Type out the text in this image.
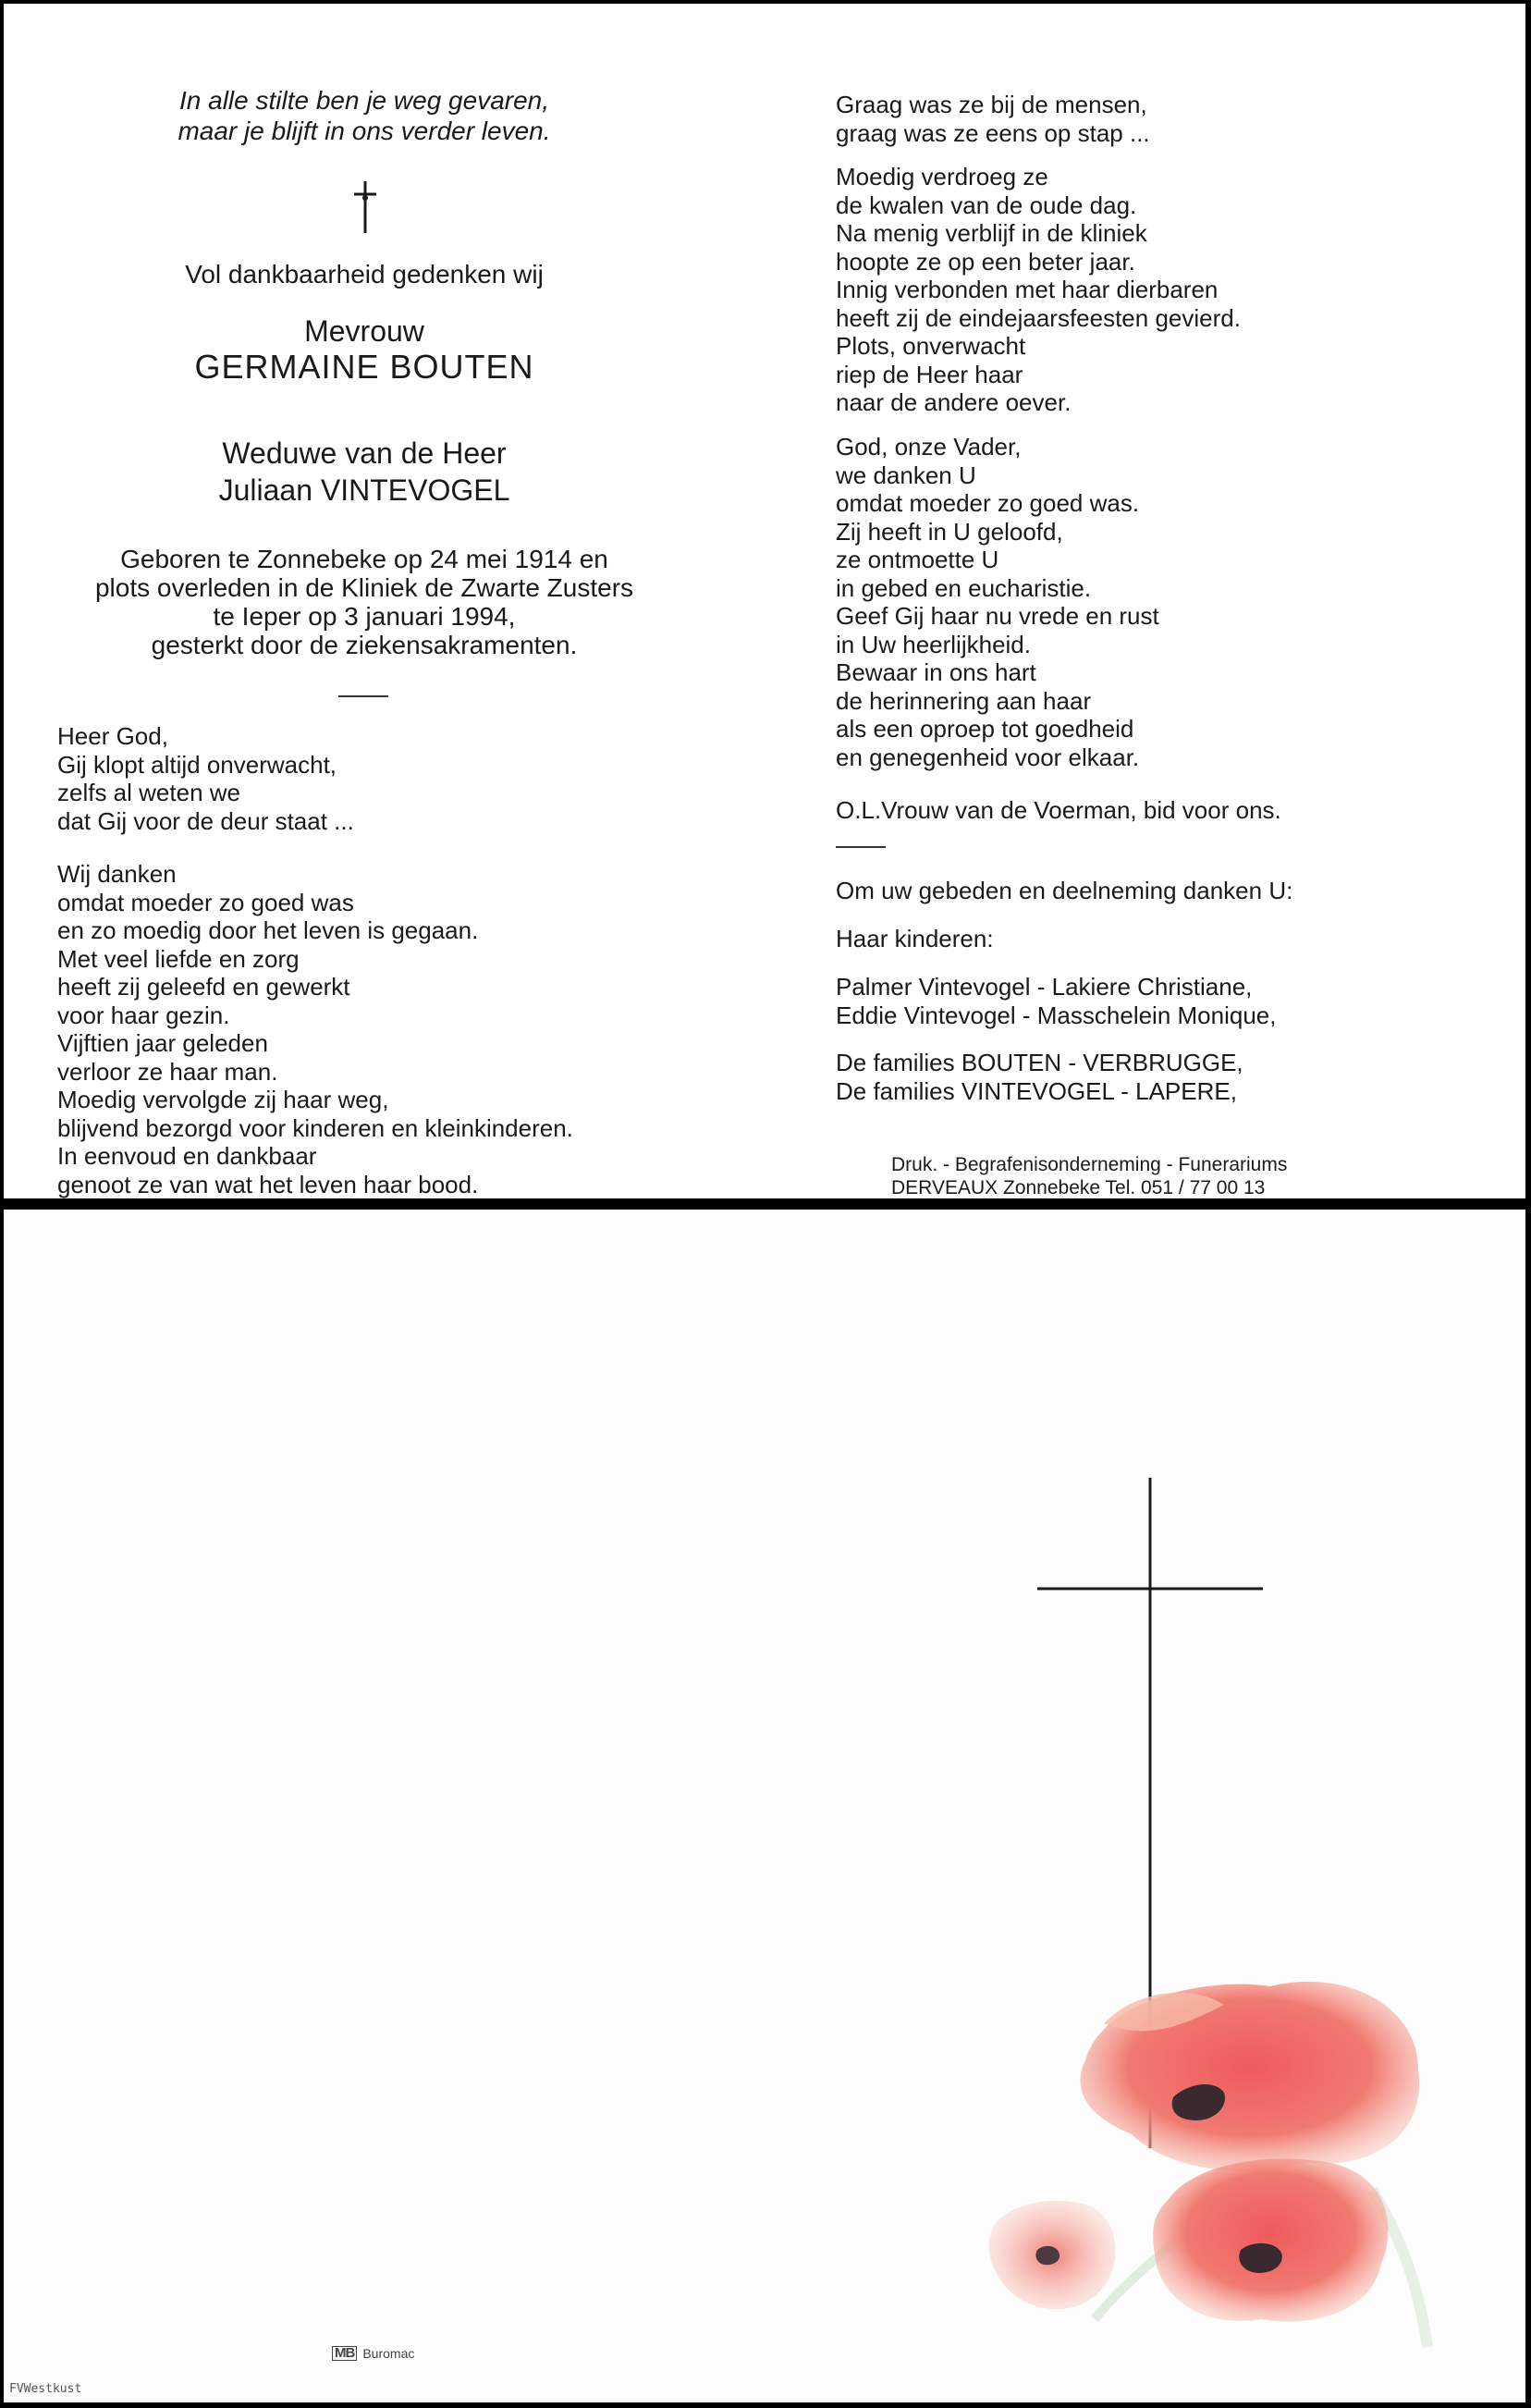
In alle stilte ben je weg gevaren,
maar je blijft in ons verder leven.
Vol dankbaarheid gedenken wij
Mevrouw
GERMAINE BOUTEN
Weduwe van de Heer
Juliaan VINTEVOGEL
Geboren te Zonnebeke op 24 mei 1914 en
plots overleden in de Kliniek de Zwarte Zusters
te Ieper op 3 januari 1994,
gesterkt door de ziekensakramenten.
Heer God,
Gij klopt altijd onverwacht,
zelfs al weten we
dat Gij voor de deur staat ...
Wij danken
omdat moeder zo goed was
en zo moedig door het leven is gegaan.
Met veel liefde en zorg
heeft zij geleefd en gewerkt
voor haar gezin.
Vijftien jaar geleden
verloor ze haar man.
Moedig vervolgde zij haar weg,
blijvend bezorgd voor kinderen en kleinkinderen.
In eenvoud en dankbaar
genoot ze van wat het leven haar bood.
Graag was ze bij de mensen,
graag was ze eens op stap ...
Moedig verdroeg ze
de kwalen van de oude dag.
Na menig verblijf in de kliniek
hoopte ze op een beter jaar.
Innig verbonden met haar dierbaren
heeft zij de eindejaarsfeesten gevierd.
Plots, onverwacht
riep de Heer haar
naar de andere oever.
God, onze Vader,
we danken U
omdat moeder zo goed was.
Zij heeft in U geloofd,
ze ontmoette U
in gebed en eucharistie.
Geef Gij haar nu vrede en rust
in Uw heerlijkheid.
Bewaar in ons hart
de herinnering aan haar
als een oproep tot goedheid
en genegenheid voor elkaar.
O.L.Vrouw van de Voerman, bid voor ons.
Om uw gebeden en deelneming danken U:
Haar kinderen:
Palmer Vintevogel - Lakiere Christiane,
Eddie Vintevogel - Masschelein Monique,
De families BOUTEN - VERBRUGGE,
De families VINTEVOGEL - LAPERE,
Druk. - Begrafenisonderneming - Funerariums
DERVEAUX Zonnebeke Tel. 051 / 77 00 13
MB Buromac
FVWestkust
